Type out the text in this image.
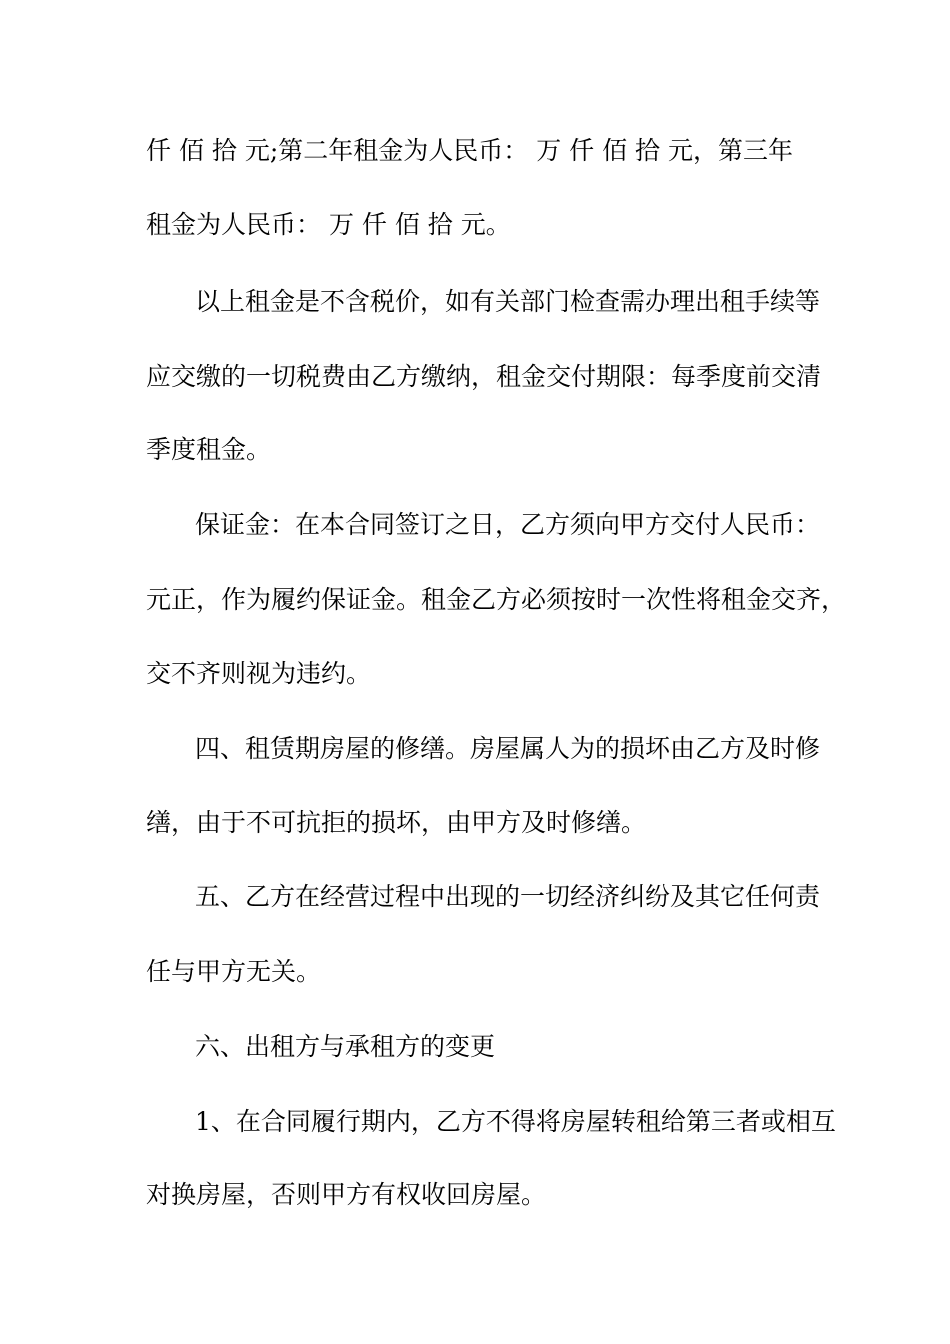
仟 佰 拾 元;第二年租金为人民币： 万 仟 佰 拾 元，第三年
租金为人民币： 万 仟 佰 拾 元。
以上租金是不含税价，如有关部门检查需办理出租手续等
应交缴的一切税费由乙方缴纳，租金交付期限：每季度前交清
季度租金。
保证金：在本合同签订之日，乙方须向甲方交付人民币：
元正，作为履约保证金。租金乙方必须按时一次性将租金交齐，
交不齐则视为违约。
四、租赁期房屋的修缮。房屋属人为的损坏由乙方及时修
缮，由于不可抗拒的损坏，由甲方及时修缮。
五、乙方在经营过程中出现的一切经济纠纷及其它任何责
任与甲方无关。
六、出租方与承租方的变更
1、在合同履行期内，乙方不得将房屋转租给第三者或相互
对换房屋，否则甲方有权收回房屋。
